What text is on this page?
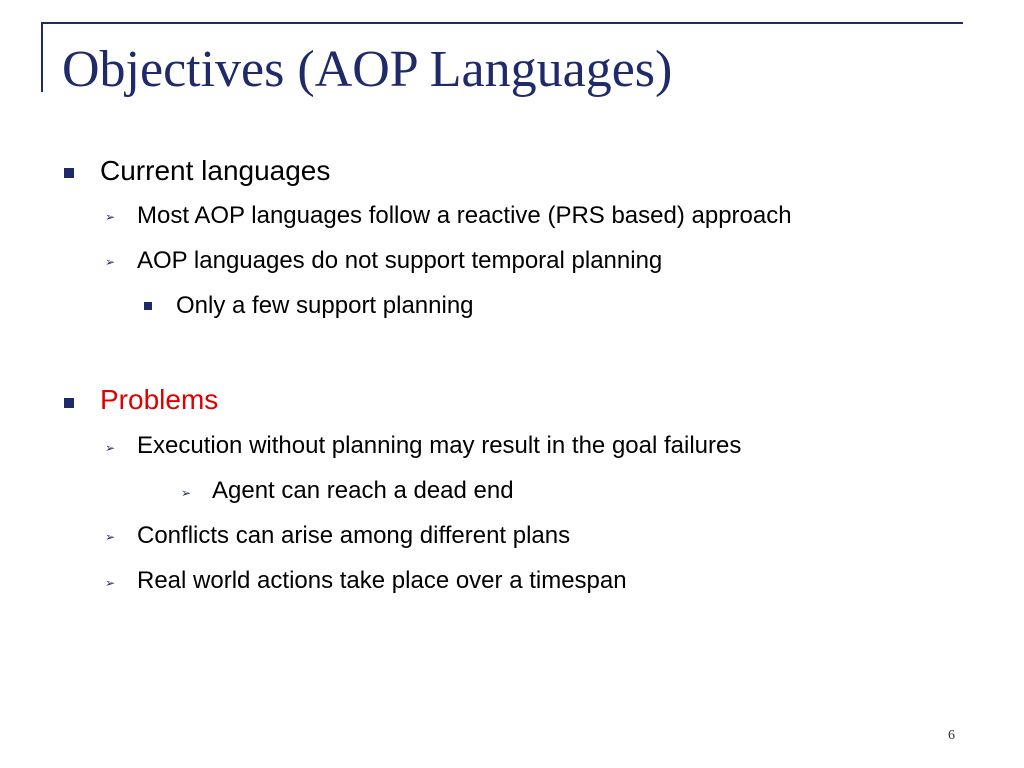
Objectives (AOP Languages)
Current languages
➢ Most AOP languages follow a reactive (PRS based) approach
➢ AOP languages do not support temporal planning
Only a few support planning
Problems
➢ Execution without planning may result in the goal failures
➢ Agent can reach a dead end
➢ Conflicts can arise among different plans
➢ Real world actions take place over a timespan
6
